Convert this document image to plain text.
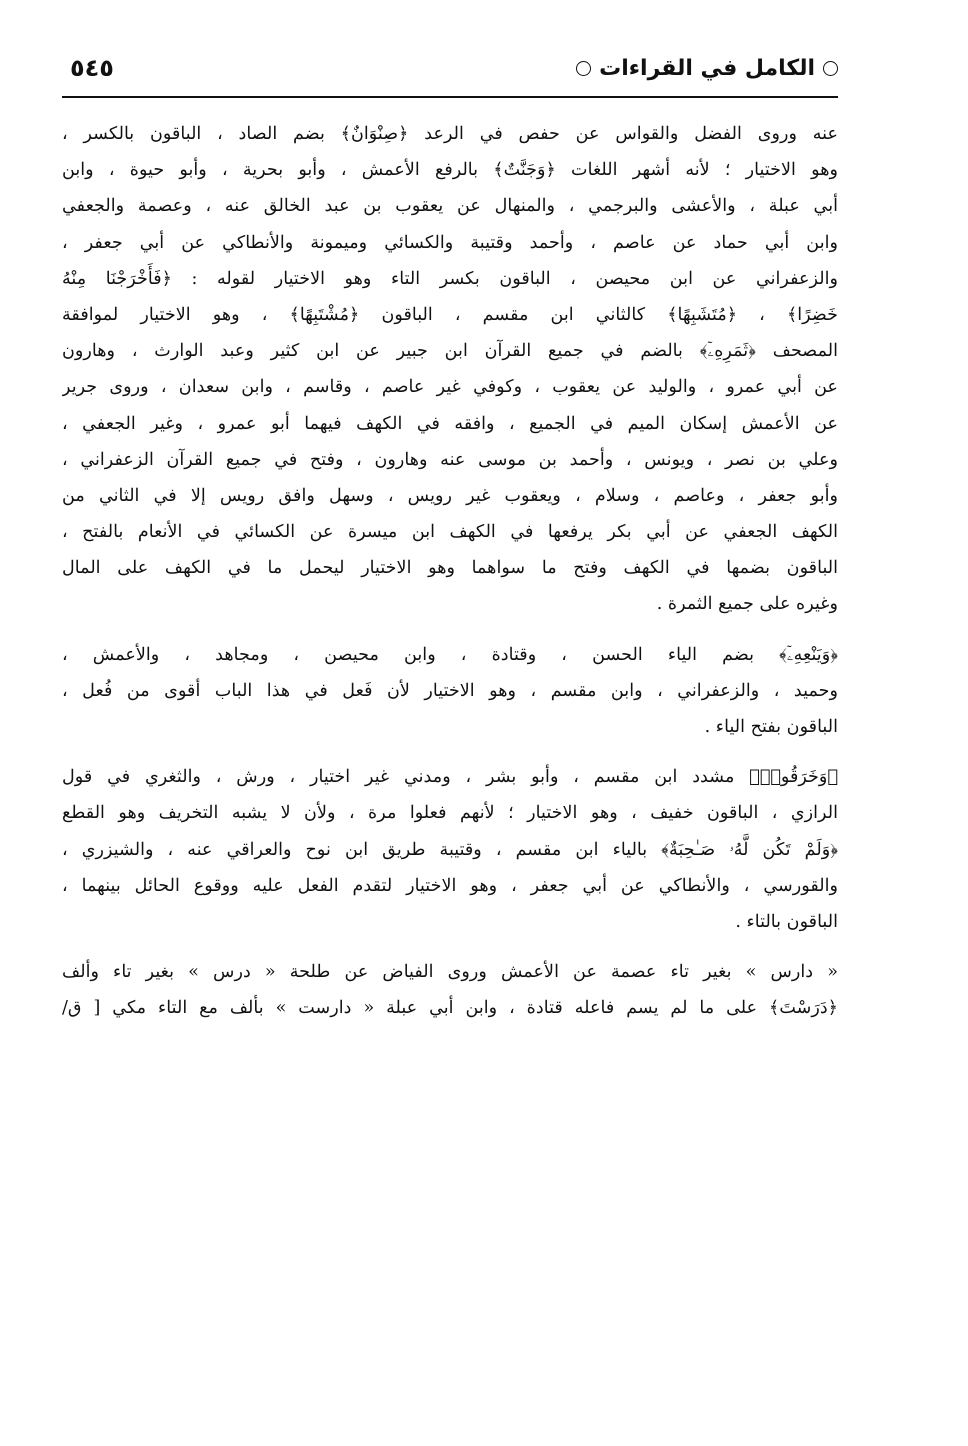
الكامل في القراءات
٥٤٥
عنه وروى الفضل والقواس عن حفص في الرعد ﴿صِنْوَانٌ﴾ بضم الصاد ، الباقون بالكسر ،
وهو الاختيار ؛ لأنه أشهر اللغات ﴿وَجَنَّتٌ﴾ بالرفع الأعمش ، وأبو بحرية ، وأبو حيوة ، وابن
أبي عبلة ، والأعشى والبرجمي ، والمنهال عن يعقوب بن عبد الخالق عنه ، وعصمة والجعفي
وابن أبي حماد عن عاصم ، وأحمد وقتيبة والكسائي وميمونة والأنطاكي عن أبي جعفر ،
والزعفراني عن ابن محيصن ، الباقون بكسر التاء وهو الاختيار لقوله : ﴿فَأَخْرَجْنَا مِنْهُ
خَضِرًا﴾ ، ﴿مُتَشَبِهًا﴾ كالثاني ابن مقسم ، الباقون ﴿مُشْتَبِهًا﴾ ، وهو الاختيار لموافقة
المصحف ﴿ثَمَرِهِۦٓ﴾ بالضم في جميع القرآن ابن جبير عن ابن كثير وعبد الوارث ، وهارون
عن أبي عمرو ، والوليد عن يعقوب ، وكوفي غير عاصم ، وقاسم ، وابن سعدان ، وروى جرير
عن الأعمش إسكان الميم في الجميع ، وافقه في الكهف فيهما أبو عمرو ، وغير الجعفي ،
وعلي بن نصر ، ويونس ، وأحمد بن موسى عنه وهارون ، وفتح في جميع القرآن الزعفراني ،
وأبو جعفر ، وعاصم ، وسلام ، ويعقوب غير رويس ، وسهل وافق رويس إلا في الثاني من
الكهف الجعفي عن أبي بكر يرفعها في الكهف ابن ميسرة عن الكسائي في الأنعام بالفتح ،
الباقون بضمها في الكهف وفتح ما سواهما وهو الاختيار ليحمل ما في الكهف على المال
وغيره على جميع الثمرة .
﴿وَيَنْعِهِۦٓ﴾ بضم الياء الحسن ، وقتادة ، وابن محيصن ، ومجاهد ، والأعمش ،
وحميد ، والزعفراني ، وابن مقسم ، وهو الاختيار لأن فَعل في هذا الباب أقوى من فُعل ،
الباقون بفتح الياء .
﴿وَخَرَقُوا۟﴾ مشدد ابن مقسم ، وأبو بشر ، ومدني غير اختيار ، ورش ، والثغري في قول
الرازي ، الباقون خفيف ، وهو الاختيار ؛ لأنهم فعلوا مرة ، ولأن لا يشبه التخريف وهو القطع
﴿وَلَمْ تَكُن لَّهُۥ صَـٰحِبَةٌ﴾ بالياء ابن مقسم ، وقتيبة طريق ابن نوح والعراقي عنه ، والشيزري ،
والقورسي ، والأنطاكي عن أبي جعفر ، وهو الاختيار لتقدم الفعل عليه ووقوع الحائل بينهما ،
الباقون بالتاء .
« دارس » بغير تاء عصمة عن الأعمش وروى الفياض عن طلحة « درس » بغير تاء وألف
﴿دَرَسْتَ﴾ على ما لم يسم فاعله قتادة ، وابن أبي عبلة « دارست » بألف مع التاء مكي [ ق/
